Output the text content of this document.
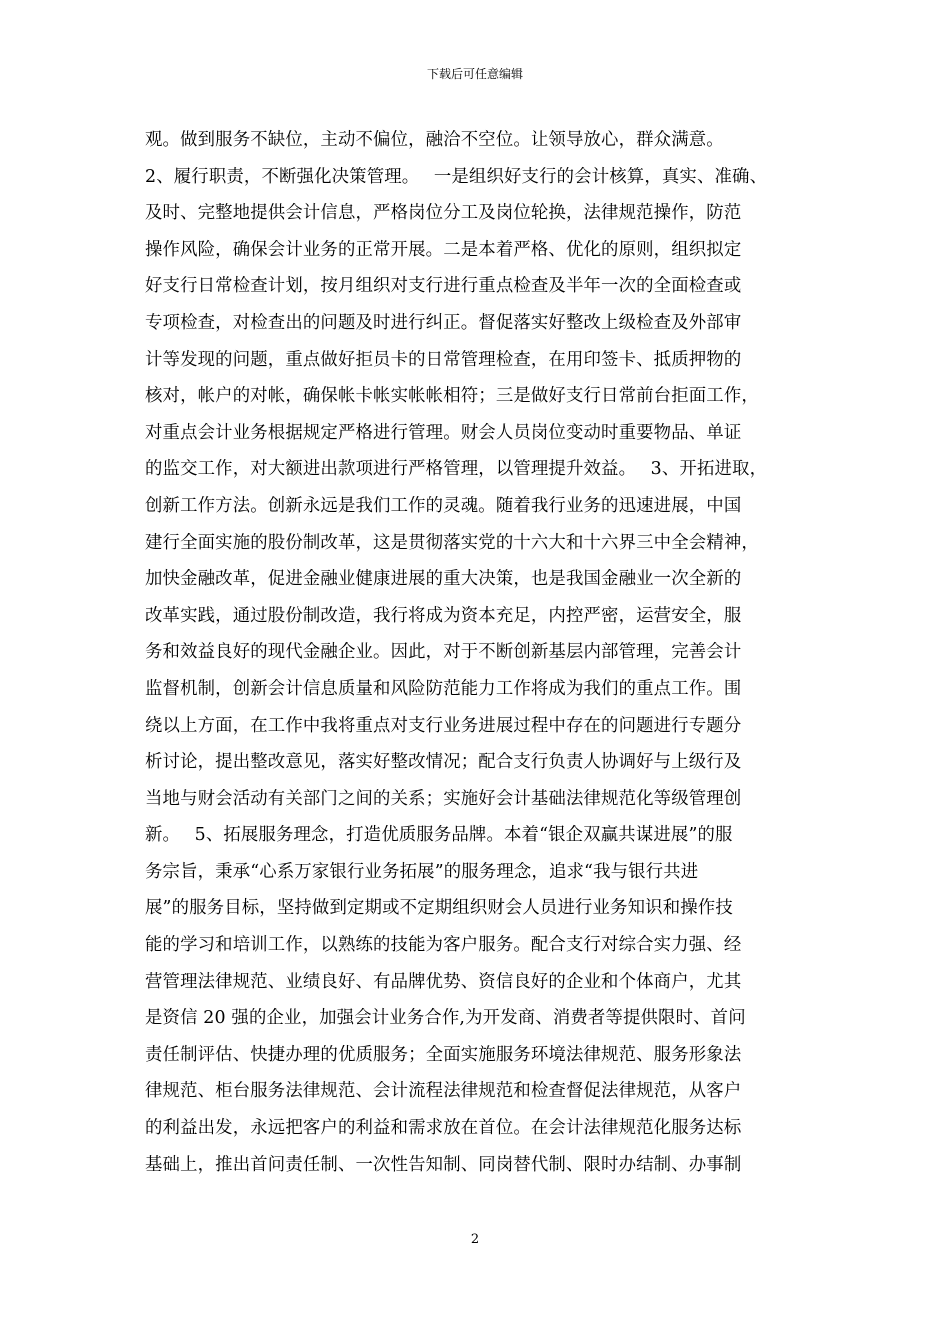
下载后可任意编辑
观。做到服务不缺位，主动不偏位，融洽不空位。让领导放心，群众满意。
2、履行职责，不断强化决策管理。　 一是组织好支行的会计核算，真实、准确、
及时、完整地提供会计信息，严格岗位分工及岗位轮换，法律规范操作，防范
操作风险，确保会计业务的正常开展。二是本着严格、优化的原则，组织拟定
好支行日常检查计划，按月组织对支行进行重点检查及半年一次的全面检查或
专项检查，对检查出的问题及时进行纠正。督促落实好整改上级检查及外部审
计等发现的问题，重点做好拒员卡的日常管理检查，在用印签卡、抵质押物的
核对，帐户的对帐，确保帐卡帐实帐帐相符；三是做好支行日常前台拒面工作，
对重点会计业务根据规定严格进行管理。财会人员岗位变动时重要物品、单证
的监交工作，对大额进出款项进行严格管理，以管理提升效益。　 3、开拓进取，
创新工作方法。创新永远是我们工作的灵魂。随着我行业务的迅速进展，中国
建行全面实施的股份制改革，这是贯彻落实党的十六大和十六界三中全会精神，
加快金融改革，促进金融业健康进展的重大决策，也是我国金融业一次全新的
改革实践，通过股份制改造，我行将成为资本充足，内控严密，运营安全，服
务和效益良好的现代金融企业。因此，对于不断创新基层内部管理，完善会计
监督机制，创新会计信息质量和风险防范能力工作将成为我们的重点工作。围
绕以上方面，在工作中我将重点对支行业务进展过程中存在的问题进行专题分
析讨论，提出整改意见，落实好整改情况；配合支行负责人协调好与上级行及
当地与财会活动有关部门之间的关系；实施好会计基础法律规范化等级管理创
新。　 5、拓展服务理念，打造优质服务品牌。本着“银企双赢共谋进展”的服
务宗旨，秉承“心系万家银行业务拓展”的服务理念，追求“我与银行共进
展”的服务目标，坚持做到定期或不定期组织财会人员进行业务知识和操作技
能的学习和培训工作，以熟练的技能为客户服务。配合支行对综合实力强、经
营管理法律规范、业绩良好、有品牌优势、资信良好的企业和个体商户，尤其
是资信 20 强的企业，加强会计业务合作,为开发商、消费者等提供限时、首问
责任制评估、快捷办理的优质服务；全面实施服务环境法律规范、服务形象法
律规范、柜台服务法律规范、会计流程法律规范和检查督促法律规范，从客户
的利益出发，永远把客户的利益和需求放在首位。在会计法律规范化服务达标
基础上，推出首问责任制、一次性告知制、同岗替代制、限时办结制、办事制
2
